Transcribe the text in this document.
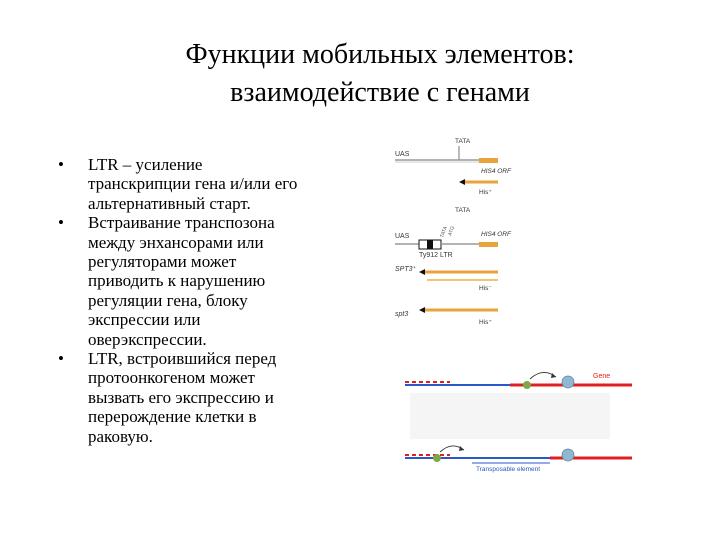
Функции мобильных элементов:
взаимодействие с генами
• LTR – усиление
транскрипции гена и/или его
альтернативный старт.
• Встраивание транспозона
между энхансорами или
регуляторами может
приводить к нарушению
регуляции гена, блоку
экспрессии или
оверэкспрессии.
• LTR, встроившийся перед
протоонкогеном может
вызвать его экспрессию и
перерождение клетки в
раковую.
UAS
TATA
HIS4 ORF
His⁺
TATA
TATA
ATG
UAS	HIS4 ORF
Ty912 LTR
SPT3⁺
His⁻
spt3
His⁺
Gene
Transposable element
